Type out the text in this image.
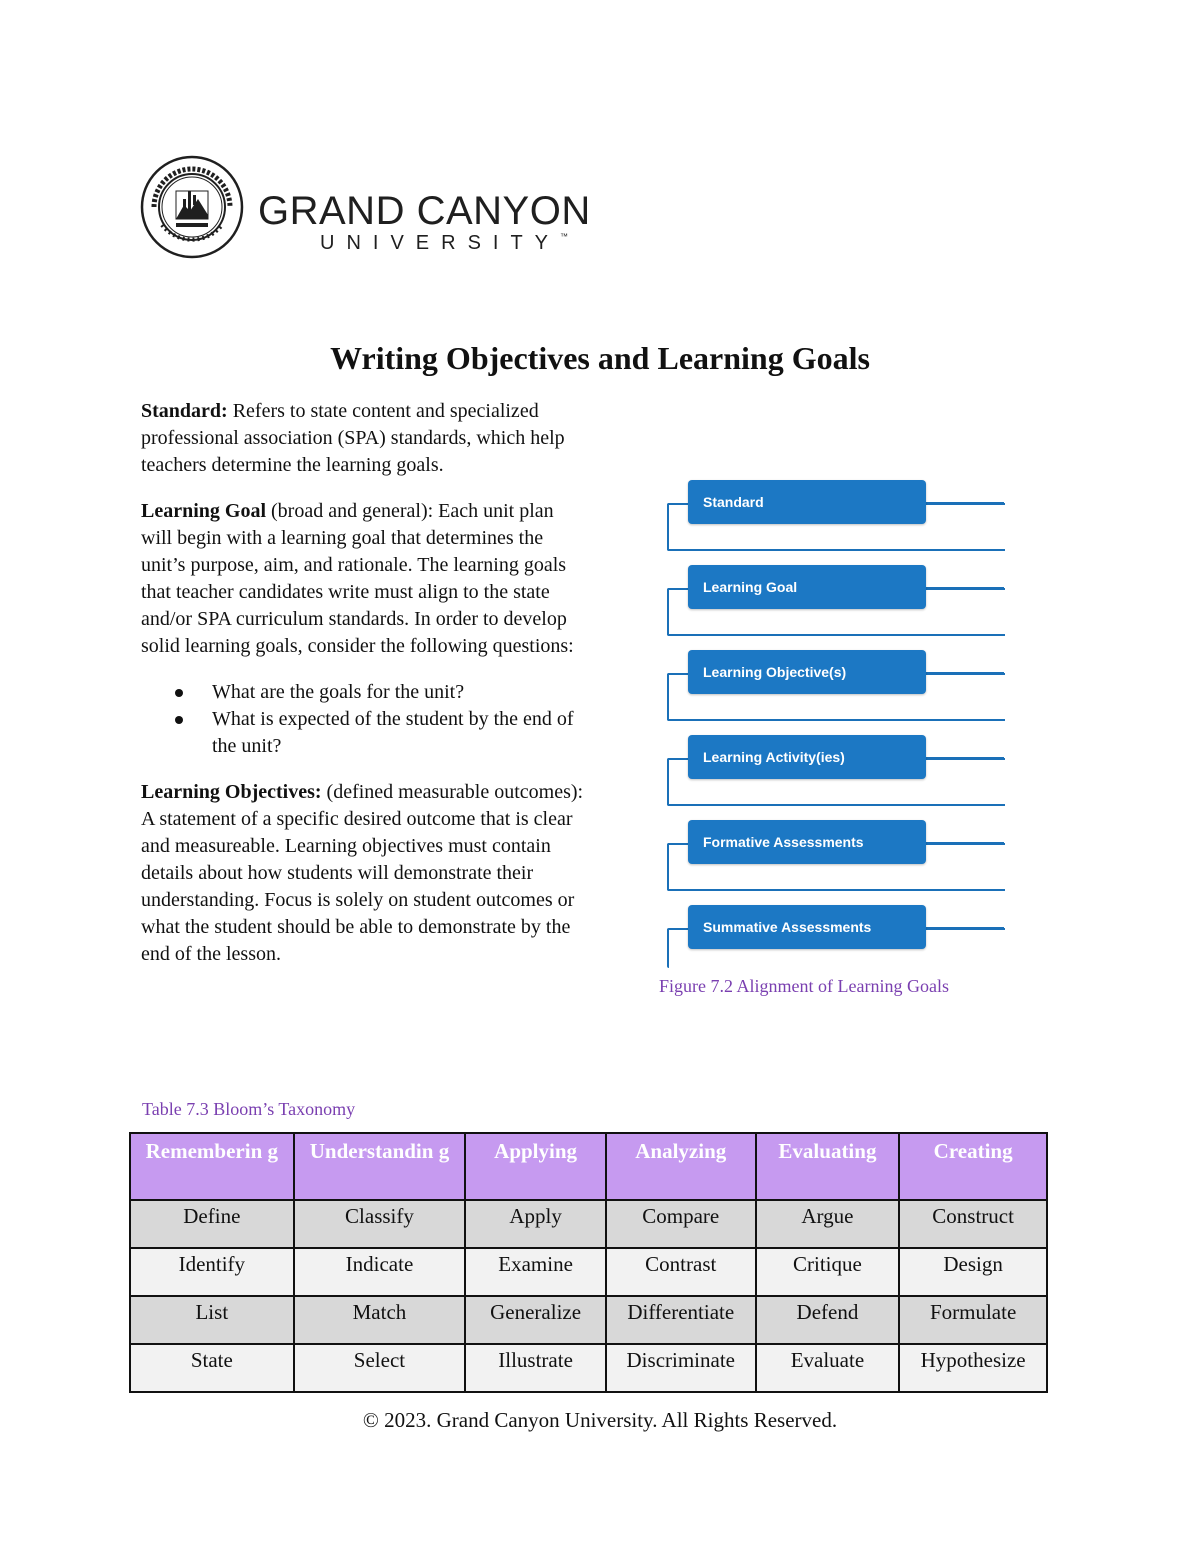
GRAND CANYON
UNIVERSITY™
Writing Objectives and Learning Goals

Standard: Refers to state content and specialized professional association (SPA) standards, which help teachers determine the learning goals.

Learning Goal (broad and general): Each unit plan will begin with a learning goal that determines the unit’s purpose, aim, and rationale. The learning goals that teacher candidates write must align to the state and/or SPA curriculum standards. In order to develop solid learning goals, consider the following questions:

What are the goals for the unit?
What is expected of the student by the end of the unit?

Learning Objectives: (defined measurable outcomes): A statement of a specific desired outcome that is clear and measureable. Learning objectives must contain details about how students will demonstrate their understanding. Focus is solely on student outcomes or what the student should be able to demonstrate by the end of the lesson.

Standard
Learning Goal
Learning Objective(s)
Learning Activity(ies)
Formative Assessments
Summative Assessments
Figure 7.2 Alignment of Learning Goals
Table 7.3 Bloom’s Taxonomy
Rememberin g	Understandin g	Applying	Analyzing	Evaluating	Creating
Define	Classify	Apply	Compare	Argue	Construct
Identify	Indicate	Examine	Contrast	Critique	Design
List	Match	Generalize	Differentiate	Defend	Formulate
State	Select	Illustrate	Discriminate	Evaluate	Hypothesize
© 2023. Grand Canyon University. All Rights Reserved.
